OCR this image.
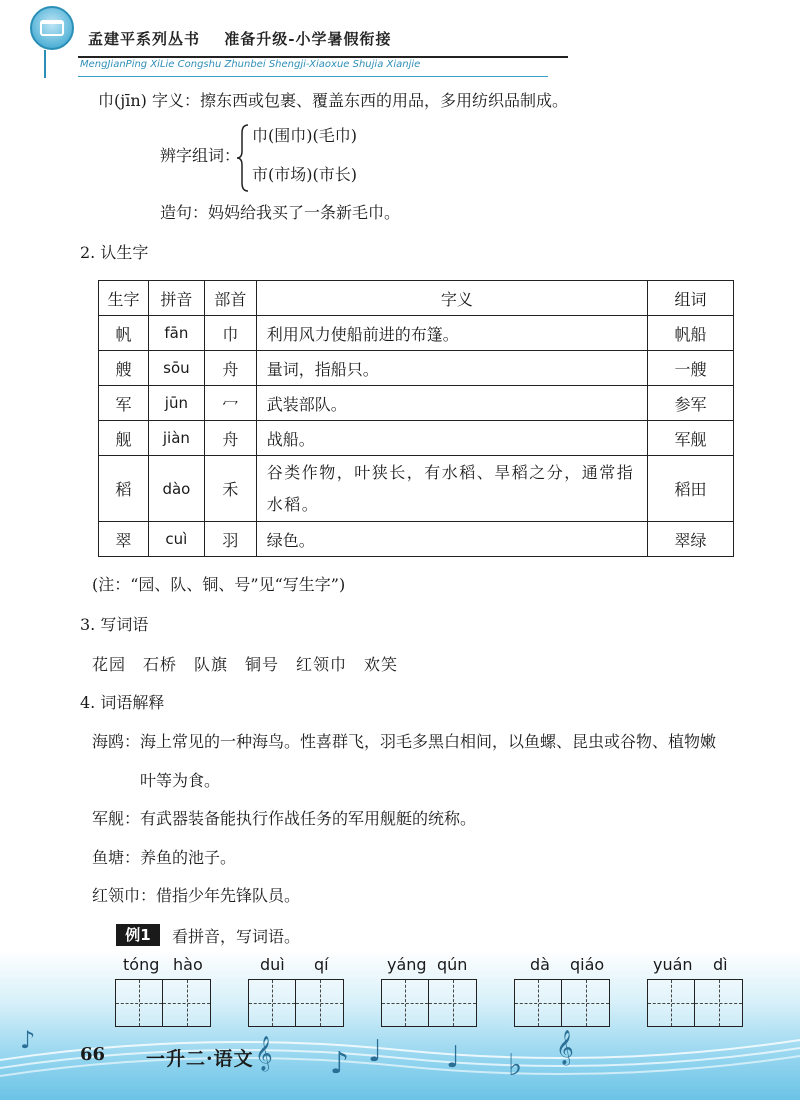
孟建平系列丛书 准备升级-小学暑假衔接
MengJianPing XiLie Congshu Zhunbei Shengji-Xiaoxue Shujia Xianjie
巾(jīn) 字义：擦东西或包裹、覆盖东西的用品，多用纺织品制成。
辨字组词：
巾(围巾)(毛巾)
市(市场)(市长)
造句：妈妈给我买了一条新毛巾。
2. 认生字
生字	拼音	部首	字义	组词
帆	fān	巾	利用风力使船前进的布篷。	帆船
艘	sōu	舟	量词，指船只。	一艘
军	jūn	冖	武装部队。	参军
舰	jiàn	舟	战船。	军舰
稻	dào	禾	谷类作物，叶狭长，有水稻、旱稻之分，通常指水稻。	稻田
翠	cuì	羽	绿色。	翠绿
(注：“园、队、铜、号”见“写生字”)
3. 写词语
花园　石桥　队旗　铜号　红领巾　欢笑
4. 词语解释
海鸥：海上常见的一种海鸟。性喜群飞，羽毛多黑白相间，以鱼螺、昆虫或谷物、植物嫩
叶等为食。
军舰：有武器装备能执行作战任务的军用舰艇的统称。
鱼塘：养鱼的池子。
红领巾：借指少年先锋队员。
例1	看拼音，写词语。
tóng hào	duì qí	yáng qún	dà qiáo	yuán dì
66 一升二·语文 𝄞 ♪ ♩ ♩ ♭
𝄞
♪
